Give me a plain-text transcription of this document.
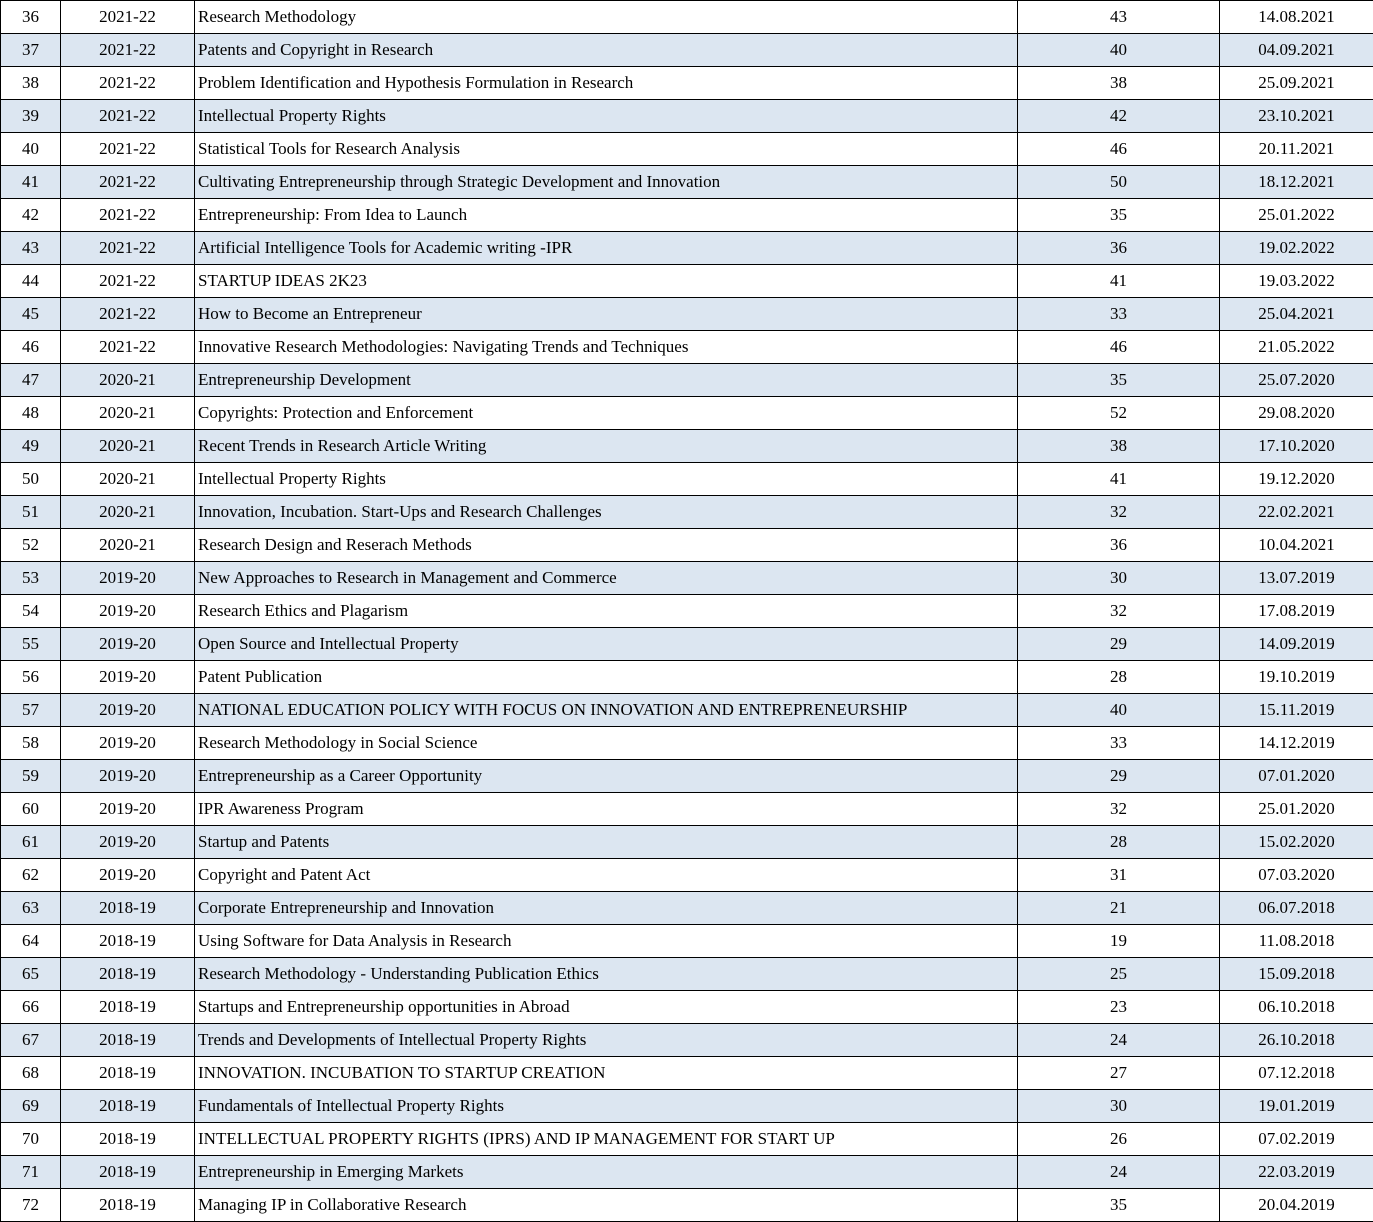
36	2021-22	Research Methodology	43	14.08.2021
37	2021-22	Patents and Copyright in Research	40	04.09.2021
38	2021-22	Problem Identification and Hypothesis Formulation in Research	38	25.09.2021
39	2021-22	Intellectual Property Rights	42	23.10.2021
40	2021-22	Statistical Tools for Research Analysis	46	20.11.2021
41	2021-22	Cultivating Entrepreneurship through Strategic Development and Innovation	50	18.12.2021
42	2021-22	Entrepreneurship: From Idea to Launch	35	25.01.2022
43	2021-22	Artificial Intelligence Tools for Academic writing -IPR	36	19.02.2022
44	2021-22	STARTUP IDEAS 2K23	41	19.03.2022
45	2021-22	How to Become an Entrepreneur	33	25.04.2021
46	2021-22	Innovative Research Methodologies: Navigating Trends and Techniques	46	21.05.2022
47	2020-21	Entrepreneurship Development	35	25.07.2020
48	2020-21	Copyrights: Protection and Enforcement	52	29.08.2020
49	2020-21	Recent Trends in Research Article Writing	38	17.10.2020
50	2020-21	Intellectual Property Rights	41	19.12.2020
51	2020-21	Innovation, Incubation. Start-Ups and Research Challenges	32	22.02.2021
52	2020-21	Research Design and Reserach Methods	36	10.04.2021
53	2019-20	New Approaches to Research in Management and Commerce	30	13.07.2019
54	2019-20	Research Ethics and Plagarism	32	17.08.2019
55	2019-20	Open Source and Intellectual Property	29	14.09.2019
56	2019-20	Patent Publication	28	19.10.2019
57	2019-20	NATIONAL EDUCATION POLICY WITH FOCUS ON INNOVATION AND ENTREPRENEURSHIP	40	15.11.2019
58	2019-20	Research Methodology in Social Science	33	14.12.2019
59	2019-20	Entrepreneurship as a Career Opportunity	29	07.01.2020
60	2019-20	IPR Awareness Program	32	25.01.2020
61	2019-20	Startup and Patents	28	15.02.2020
62	2019-20	Copyright and Patent Act	31	07.03.2020
63	2018-19	Corporate Entrepreneurship and Innovation	21	06.07.2018
64	2018-19	Using Software for Data Analysis in Research	19	11.08.2018
65	2018-19	Research Methodology - Understanding Publication Ethics	25	15.09.2018
66	2018-19	Startups and Entrepreneurship opportunities in Abroad	23	06.10.2018
67	2018-19	Trends and Developments of Intellectual Property Rights	24	26.10.2018
68	2018-19	INNOVATION. INCUBATION TO STARTUP CREATION	27	07.12.2018
69	2018-19	Fundamentals of Intellectual Property Rights	30	19.01.2019
70	2018-19	INTELLECTUAL PROPERTY RIGHTS (IPRS) AND IP MANAGEMENT FOR START UP	26	07.02.2019
71	2018-19	Entrepreneurship in Emerging Markets	24	22.03.2019
72	2018-19	Managing IP in Collaborative Research	35	20.04.2019
